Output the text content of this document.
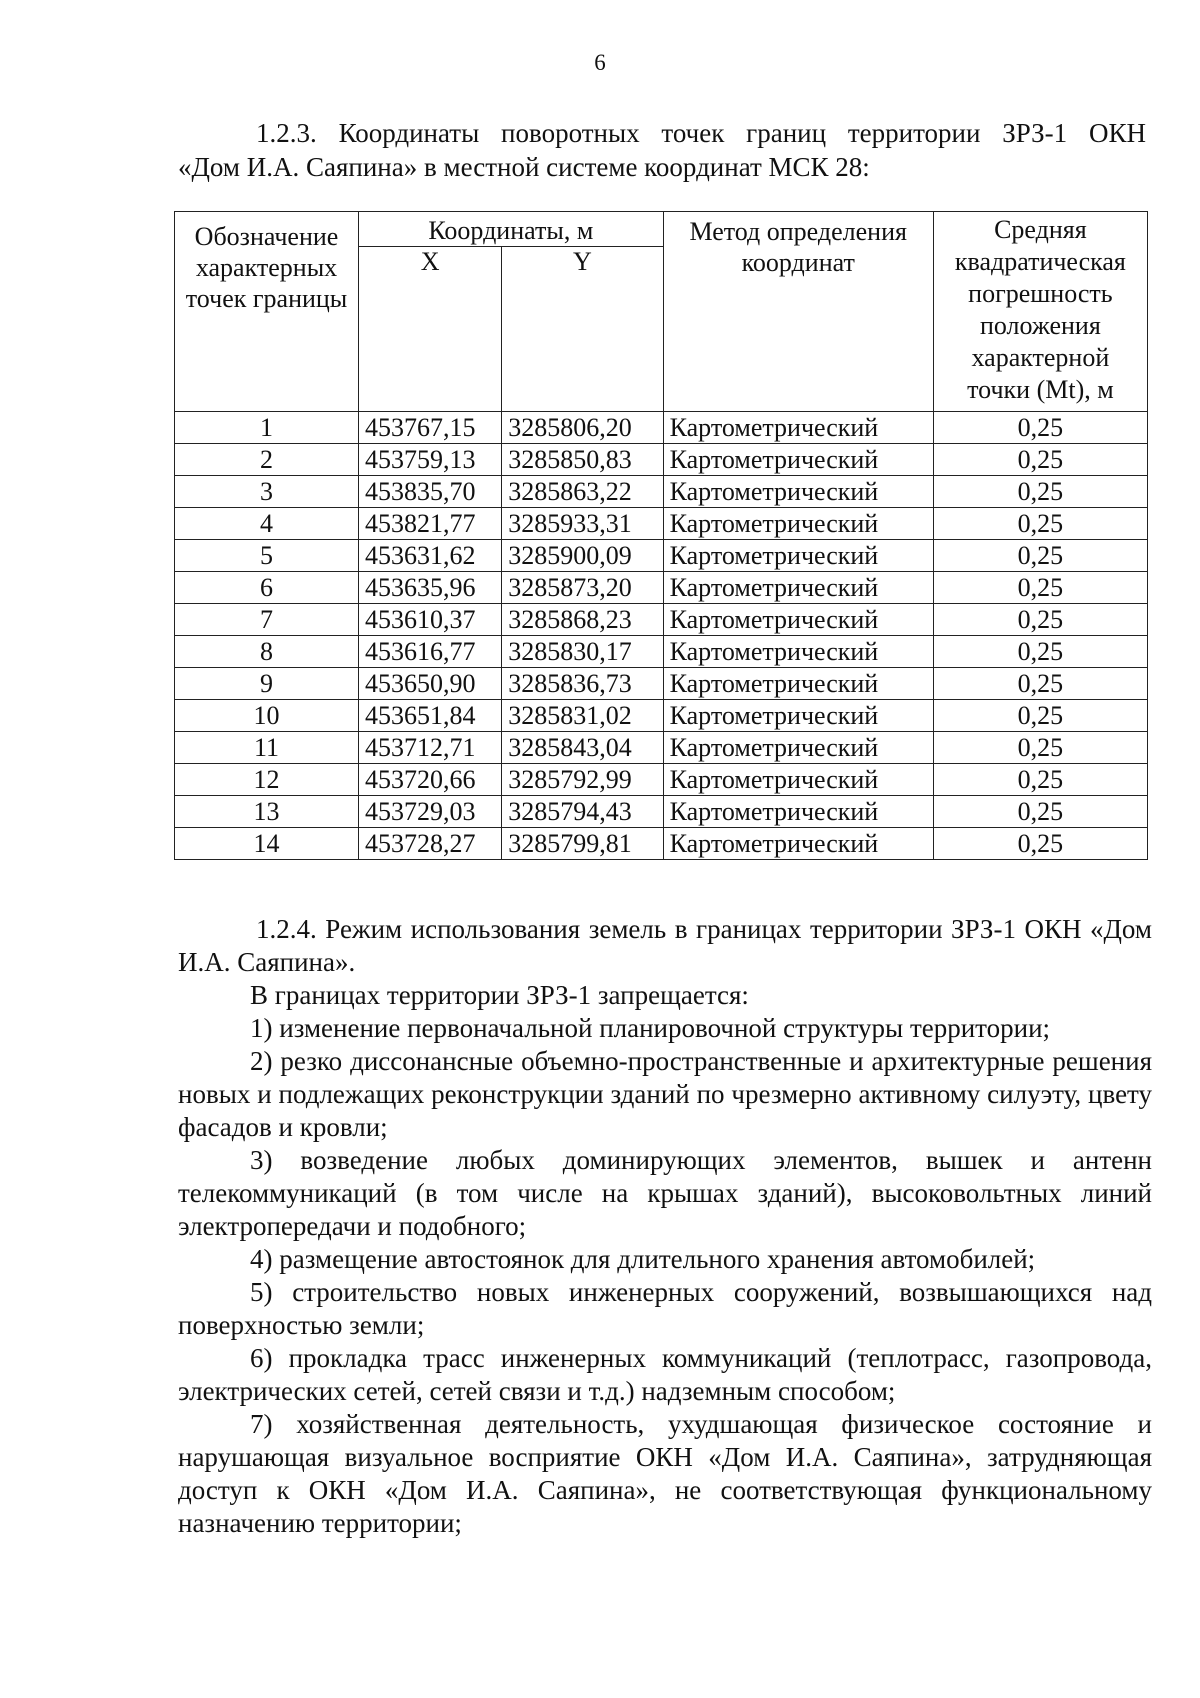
6
1.2.3. Координаты поворотных точек границ территории ЗРЗ-1 ОКН
«Дом И.А. Саяпина» в местной системе координат МСК 28:
Обозначение характерных точек границы	Координаты, м		Метод определения координат	Средняя квадратическая погрешность положения характерной точки (Mt), м
	X	Y		
1	453767,15	3285806,20	Картометрический	0,25
2	453759,13	3285850,83	Картометрический	0,25
3	453835,70	3285863,22	Картометрический	0,25
4	453821,77	3285933,31	Картометрический	0,25
5	453631,62	3285900,09	Картометрический	0,25
6	453635,96	3285873,20	Картометрический	0,25
7	453610,37	3285868,23	Картометрический	0,25
8	453616,77	3285830,17	Картометрический	0,25
9	453650,90	3285836,73	Картометрический	0,25
10	453651,84	3285831,02	Картометрический	0,25
11	453712,71	3285843,04	Картометрический	0,25
12	453720,66	3285792,99	Картометрический	0,25
13	453729,03	3285794,43	Картометрический	0,25
14	453728,27	3285799,81	Картометрический	0,25

1.2.4. Режим использования земель в границах территории ЗРЗ-1 ОКН «Дом И.А. Саяпина».

В границах территории ЗРЗ-1 запрещается:

1) изменение первоначальной планировочной структуры территории;

2) резко диссонансные объемно-пространственные и архитектурные решения новых и подлежащих реконструкции зданий по чрезмерно активному силуэту, цвету фасадов и кровли;

3) возведение любых доминирующих элементов, вышек и антенн телекоммуникаций (в том числе на крышах зданий), высоковольтных линий электропередачи и подобного;

4) размещение автостоянок для длительного хранения автомобилей;

5) строительство новых инженерных сооружений, возвышающихся над поверхностью земли;

6) прокладка трасс инженерных коммуникаций (теплотрасс, газопровода, электрических сетей, сетей связи и т.д.) надземным способом;

7) хозяйственная деятельность, ухудшающая физическое состояние и нарушающая визуальное восприятие ОКН «Дом И.А. Саяпина», затрудняющая доступ к ОКН «Дом И.А. Саяпина», не соответствующая функциональному назначению территории;
